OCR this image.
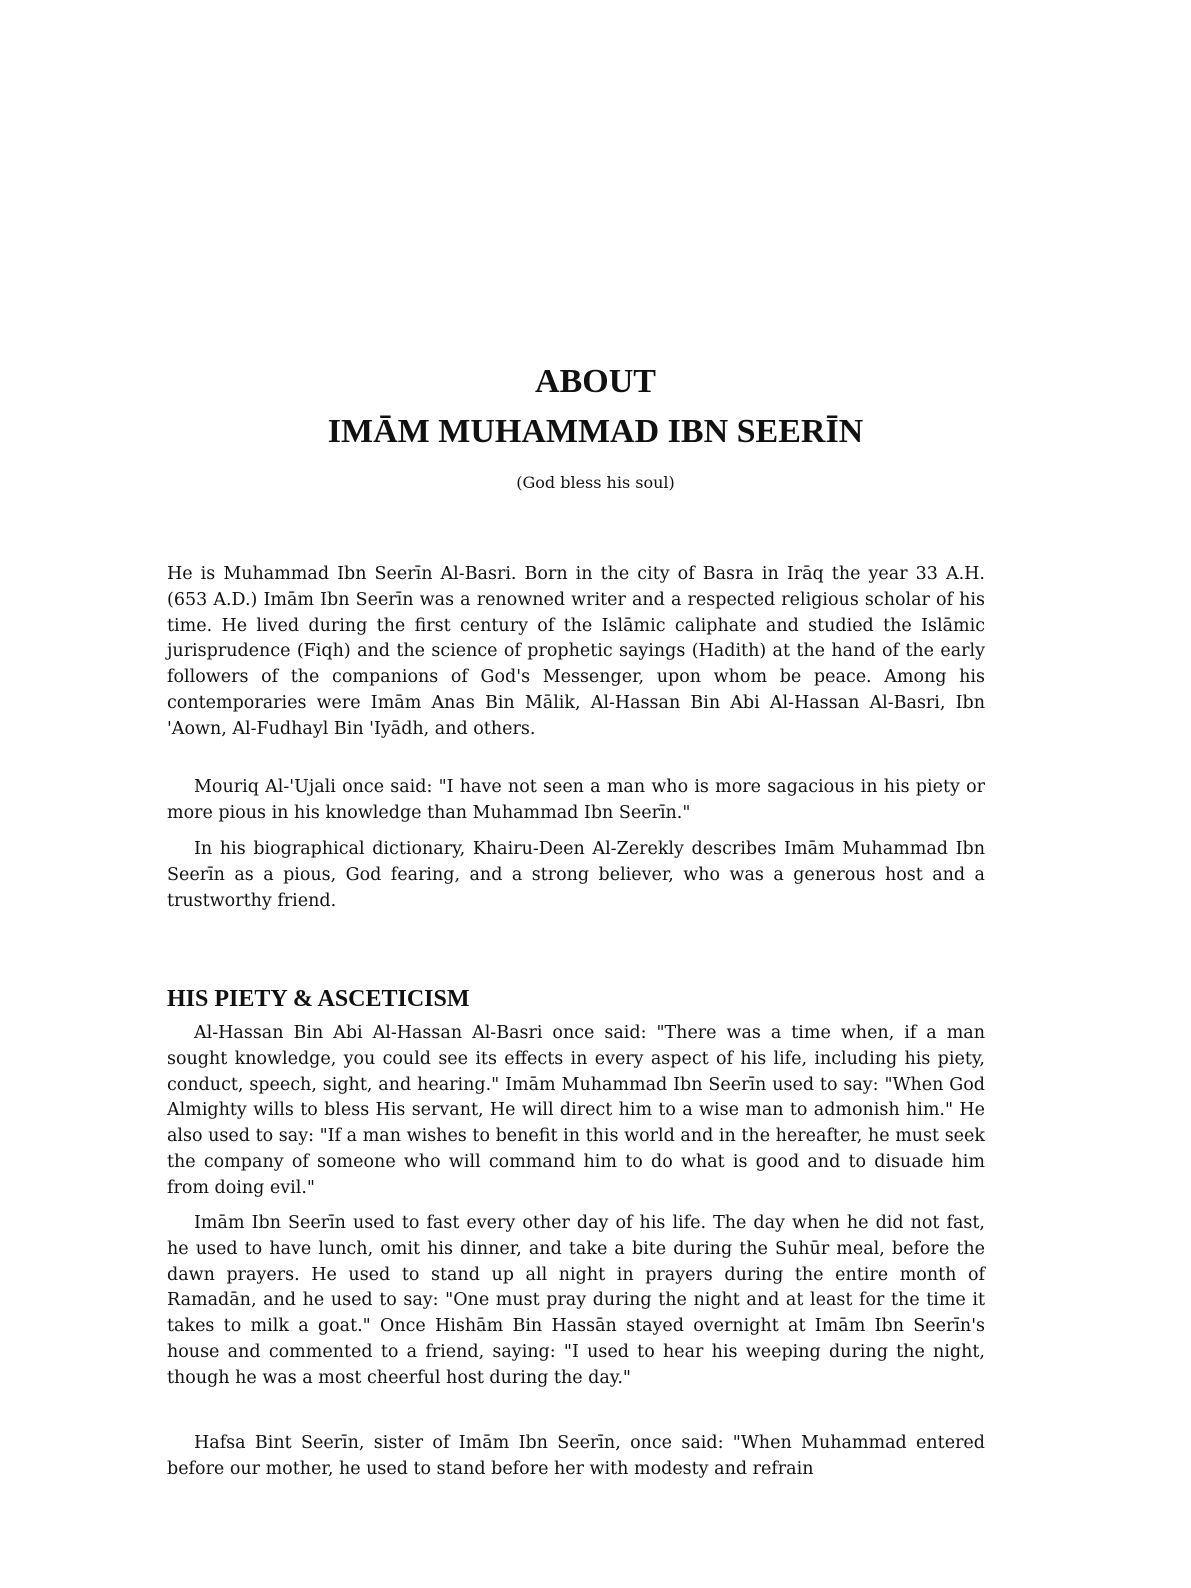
ABOUT
IMĀM MUHAMMAD IBN SEERĪN

(God bless his soul)

He is Muhammad Ibn Seerīn Al-Basri. Born in the city of Basra in Irāq the year 33 A.H. (653 A.D.) Imām Ibn Seerīn was a renowned writer and a respected religious scholar of his time. He lived during the first century of the Islāmic caliphate and studied the Islāmic jurisprudence (Fiqh) and the science of prophetic sayings (Hadith) at the hand of the early followers of the companions of God's Messenger, upon whom be peace. Among his contemporaries were Imām Anas Bin Mālik, Al-Hassan Bin Abi Al-Hassan Al-Basri, Ibn 'Aown, Al-Fudhayl Bin 'Iyādh, and others.

Mouriq Al-'Ujali once said: "I have not seen a man who is more sagacious in his piety or more pious in his knowledge than Muhammad Ibn Seerīn."

In his biographical dictionary, Khairu-Deen Al-Zerekly describes Imām Muhammad Ibn Seerīn as a pious, God fearing, and a strong believer, who was a generous host and a trustworthy friend.

HIS PIETY & ASCETICISM

Al-Hassan Bin Abi Al-Hassan Al-Basri once said: "There was a time when, if a man sought knowledge, you could see its effects in every aspect of his life, including his piety, conduct, speech, sight, and hearing." Imām Muhammad Ibn Seerīn used to say: "When God Almighty wills to bless His servant, He will direct him to a wise man to admonish him." He also used to say: "If a man wishes to benefit in this world and in the hereafter, he must seek the company of someone who will command him to do what is good and to disuade him from doing evil."

Imām Ibn Seerīn used to fast every other day of his life. The day when he did not fast, he used to have lunch, omit his dinner, and take a bite during the Suhūr meal, before the dawn prayers. He used to stand up all night in prayers during the entire month of Ramadān, and he used to say: "One must pray during the night and at least for the time it takes to milk a goat." Once Hishām Bin Hassān stayed overnight at Imām Ibn Seerīn's house and commented to a friend, saying: "I used to hear his weeping during the night, though he was a most cheerful host during the day."

Hafsa Bint Seerīn, sister of Imām Ibn Seerīn, once said: "When Muhammad entered before our mother, he used to stand before her with modesty and refrain
